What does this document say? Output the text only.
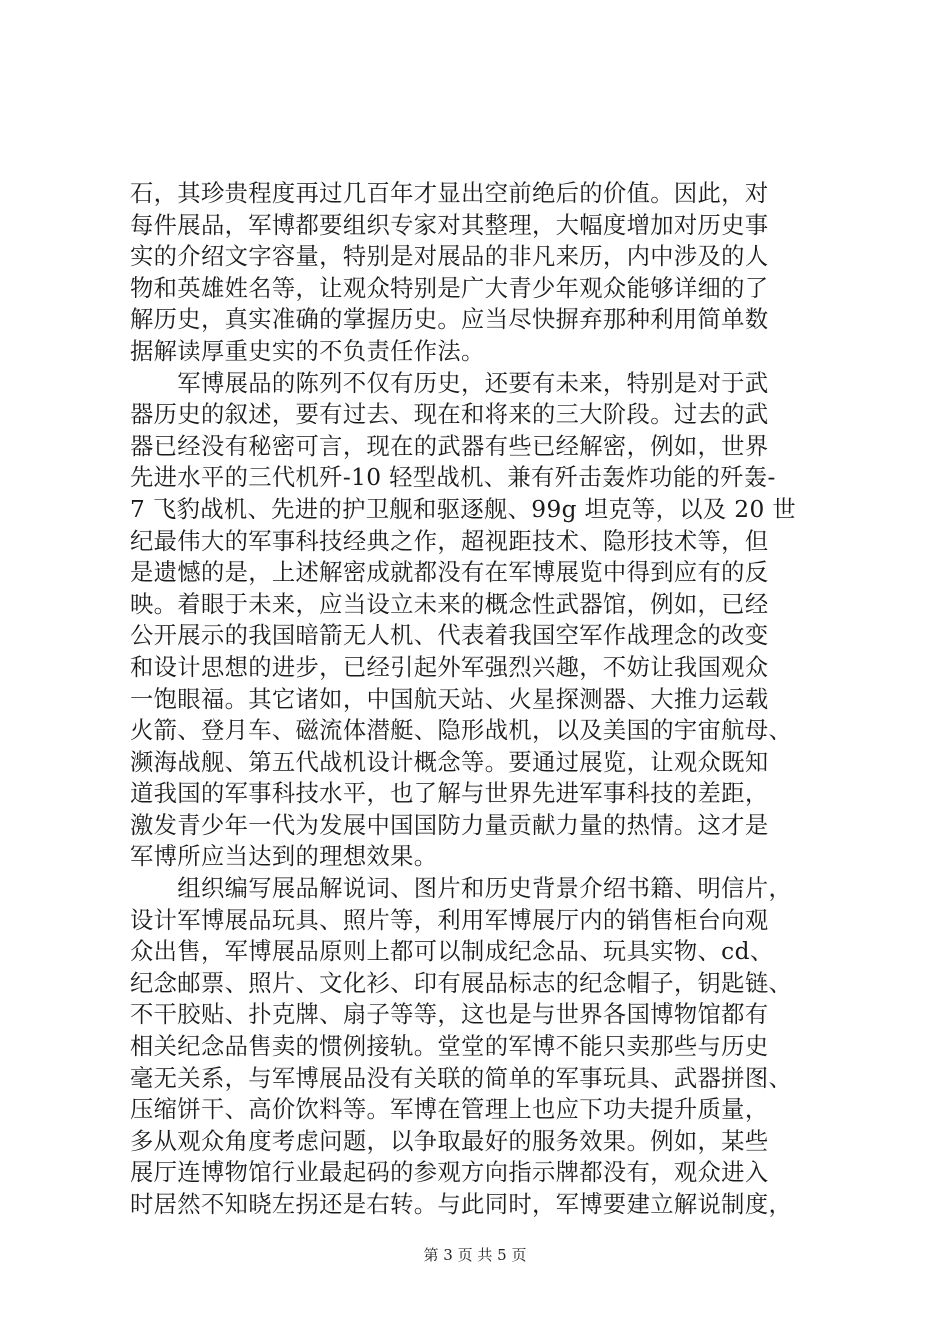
石，其珍贵程度再过几百年才显出空前绝后的价值。因此，对
每件展品，军博都要组织专家对其整理，大幅度增加对历史事
实的介绍文字容量，特别是对展品的非凡来历，内中涉及的人
物和英雄姓名等，让观众特别是广大青少年观众能够详细的了
解历史，真实准确的掌握历史。应当尽快摒弃那种利用简单数
据解读厚重史实的不负责任作法。
　　军博展品的陈列不仅有历史，还要有未来，特别是对于武
器历史的叙述，要有过去、现在和将来的三大阶段。过去的武
器已经没有秘密可言，现在的武器有些已经解密，例如，世界
先进水平的三代机歼-10 轻型战机、兼有歼击轰炸功能的歼轰-
7 飞豹战机、先进的护卫舰和驱逐舰、99g 坦克等，以及 20 世
纪最伟大的军事科技经典之作，超视距技术、隐形技术等，但
是遗憾的是，上述解密成就都没有在军博展览中得到应有的反
映。着眼于未来，应当设立未来的概念性武器馆，例如，已经
公开展示的我国暗箭无人机、代表着我国空军作战理念的改变
和设计思想的进步，已经引起外军强烈兴趣，不妨让我国观众
一饱眼福。其它诸如，中国航天站、火星探测器、大推力运载
火箭、登月车、磁流体潜艇、隐形战机，以及美国的宇宙航母、
濒海战舰、第五代战机设计概念等。要通过展览，让观众既知
道我国的军事科技水平，也了解与世界先进军事科技的差距，
激发青少年一代为发展中国国防力量贡献力量的热情。这才是
军博所应当达到的理想效果。
　　组织编写展品解说词、图片和历史背景介绍书籍、明信片，
设计军博展品玩具、照片等，利用军博展厅内的销售柜台向观
众出售，军博展品原则上都可以制成纪念品、玩具实物、cd、
纪念邮票、照片、文化衫、印有展品标志的纪念帽子，钥匙链、
不干胶贴、扑克牌、扇子等等，这也是与世界各国博物馆都有
相关纪念品售卖的惯例接轨。堂堂的军博不能只卖那些与历史
毫无关系，与军博展品没有关联的简单的军事玩具、武器拼图、
压缩饼干、高价饮料等。军博在管理上也应下功夫提升质量，
多从观众角度考虑问题，以争取最好的服务效果。例如，某些
展厅连博物馆行业最起码的参观方向指示牌都没有，观众进入
时居然不知晓左拐还是右转。与此同时，军博要建立解说制度，
第 3 页 共 5 页
